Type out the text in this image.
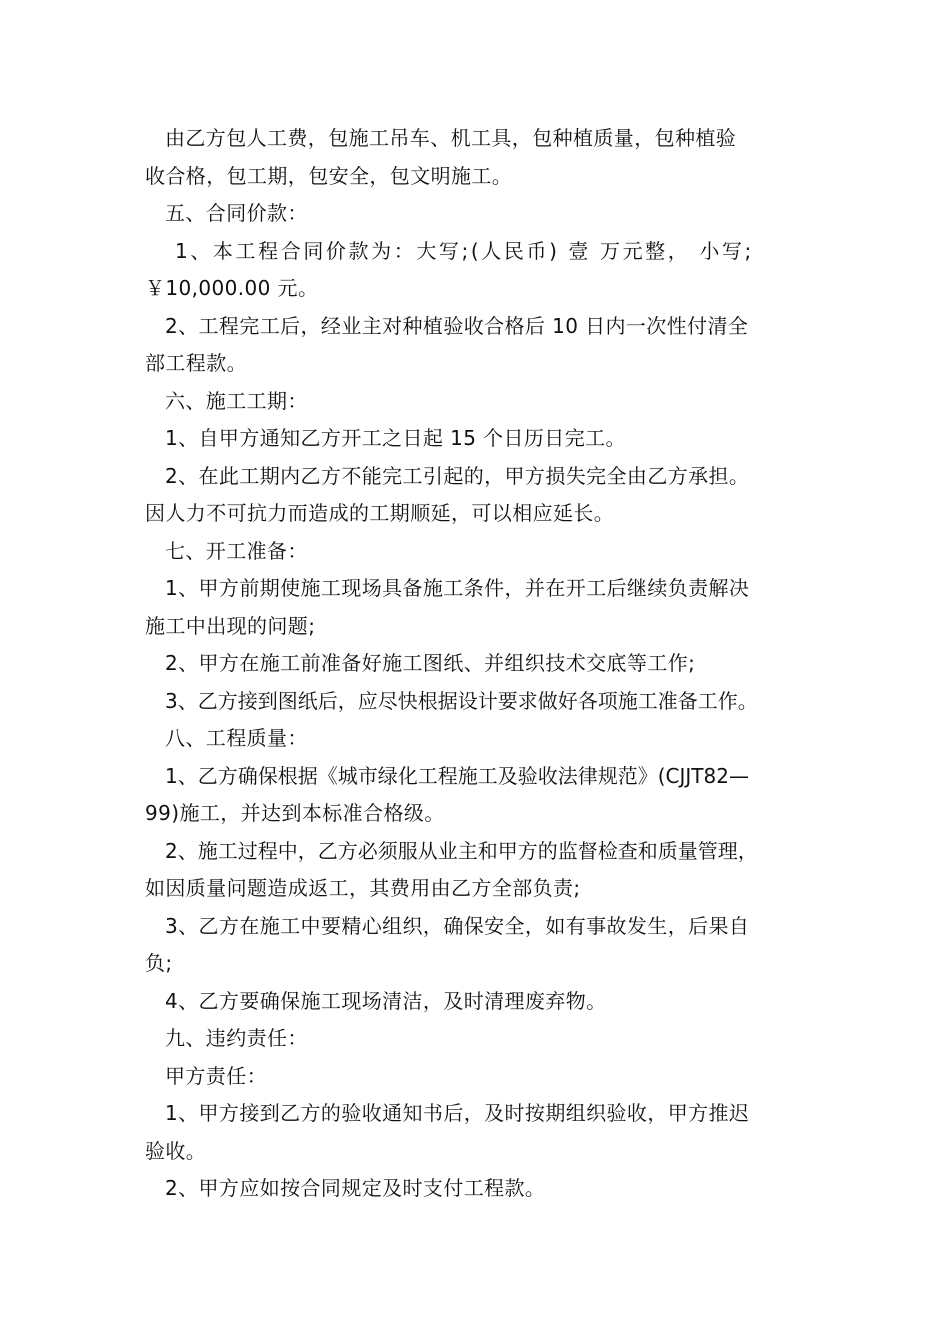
由乙方包人工费，包施工吊车、机工具，包种植质量，包种植验

收合格，包工期，包安全，包文明施工。

五、合同价款：

1、本工程合同价款为：大写;(人民币) 壹 万元整， 小写;

￥10,000.00 元。

2、工程完工后，经业主对种植验收合格后 10 日内一次性付清全

部工程款。

六、施工工期：

1、自甲方通知乙方开工之日起 15 个日历日完工。

2、在此工期内乙方不能完工引起的，甲方损失完全由乙方承担。

因人力不可抗力而造成的工期顺延，可以相应延长。

七、开工准备：

1、甲方前期使施工现场具备施工条件，并在开工后继续负责解决

施工中出现的问题;

2、甲方在施工前准备好施工图纸、并组织技术交底等工作;

3、乙方接到图纸后，应尽快根据设计要求做好各项施工准备工作。

八、工程质量：

1、乙方确保根据《城市绿化工程施工及验收法律规范》(CJJT82—

99)施工，并达到本标准合格级。

2、施工过程中，乙方必须服从业主和甲方的监督检查和质量管理，

如因质量问题造成返工，其费用由乙方全部负责;

3、乙方在施工中要精心组织，确保安全，如有事故发生，后果自

负;

4、乙方要确保施工现场清洁，及时清理废弃物。

九、违约责任：

甲方责任：

1、甲方接到乙方的验收通知书后，及时按期组织验收，甲方推迟

验收。

2、甲方应如按合同规定及时支付工程款。
